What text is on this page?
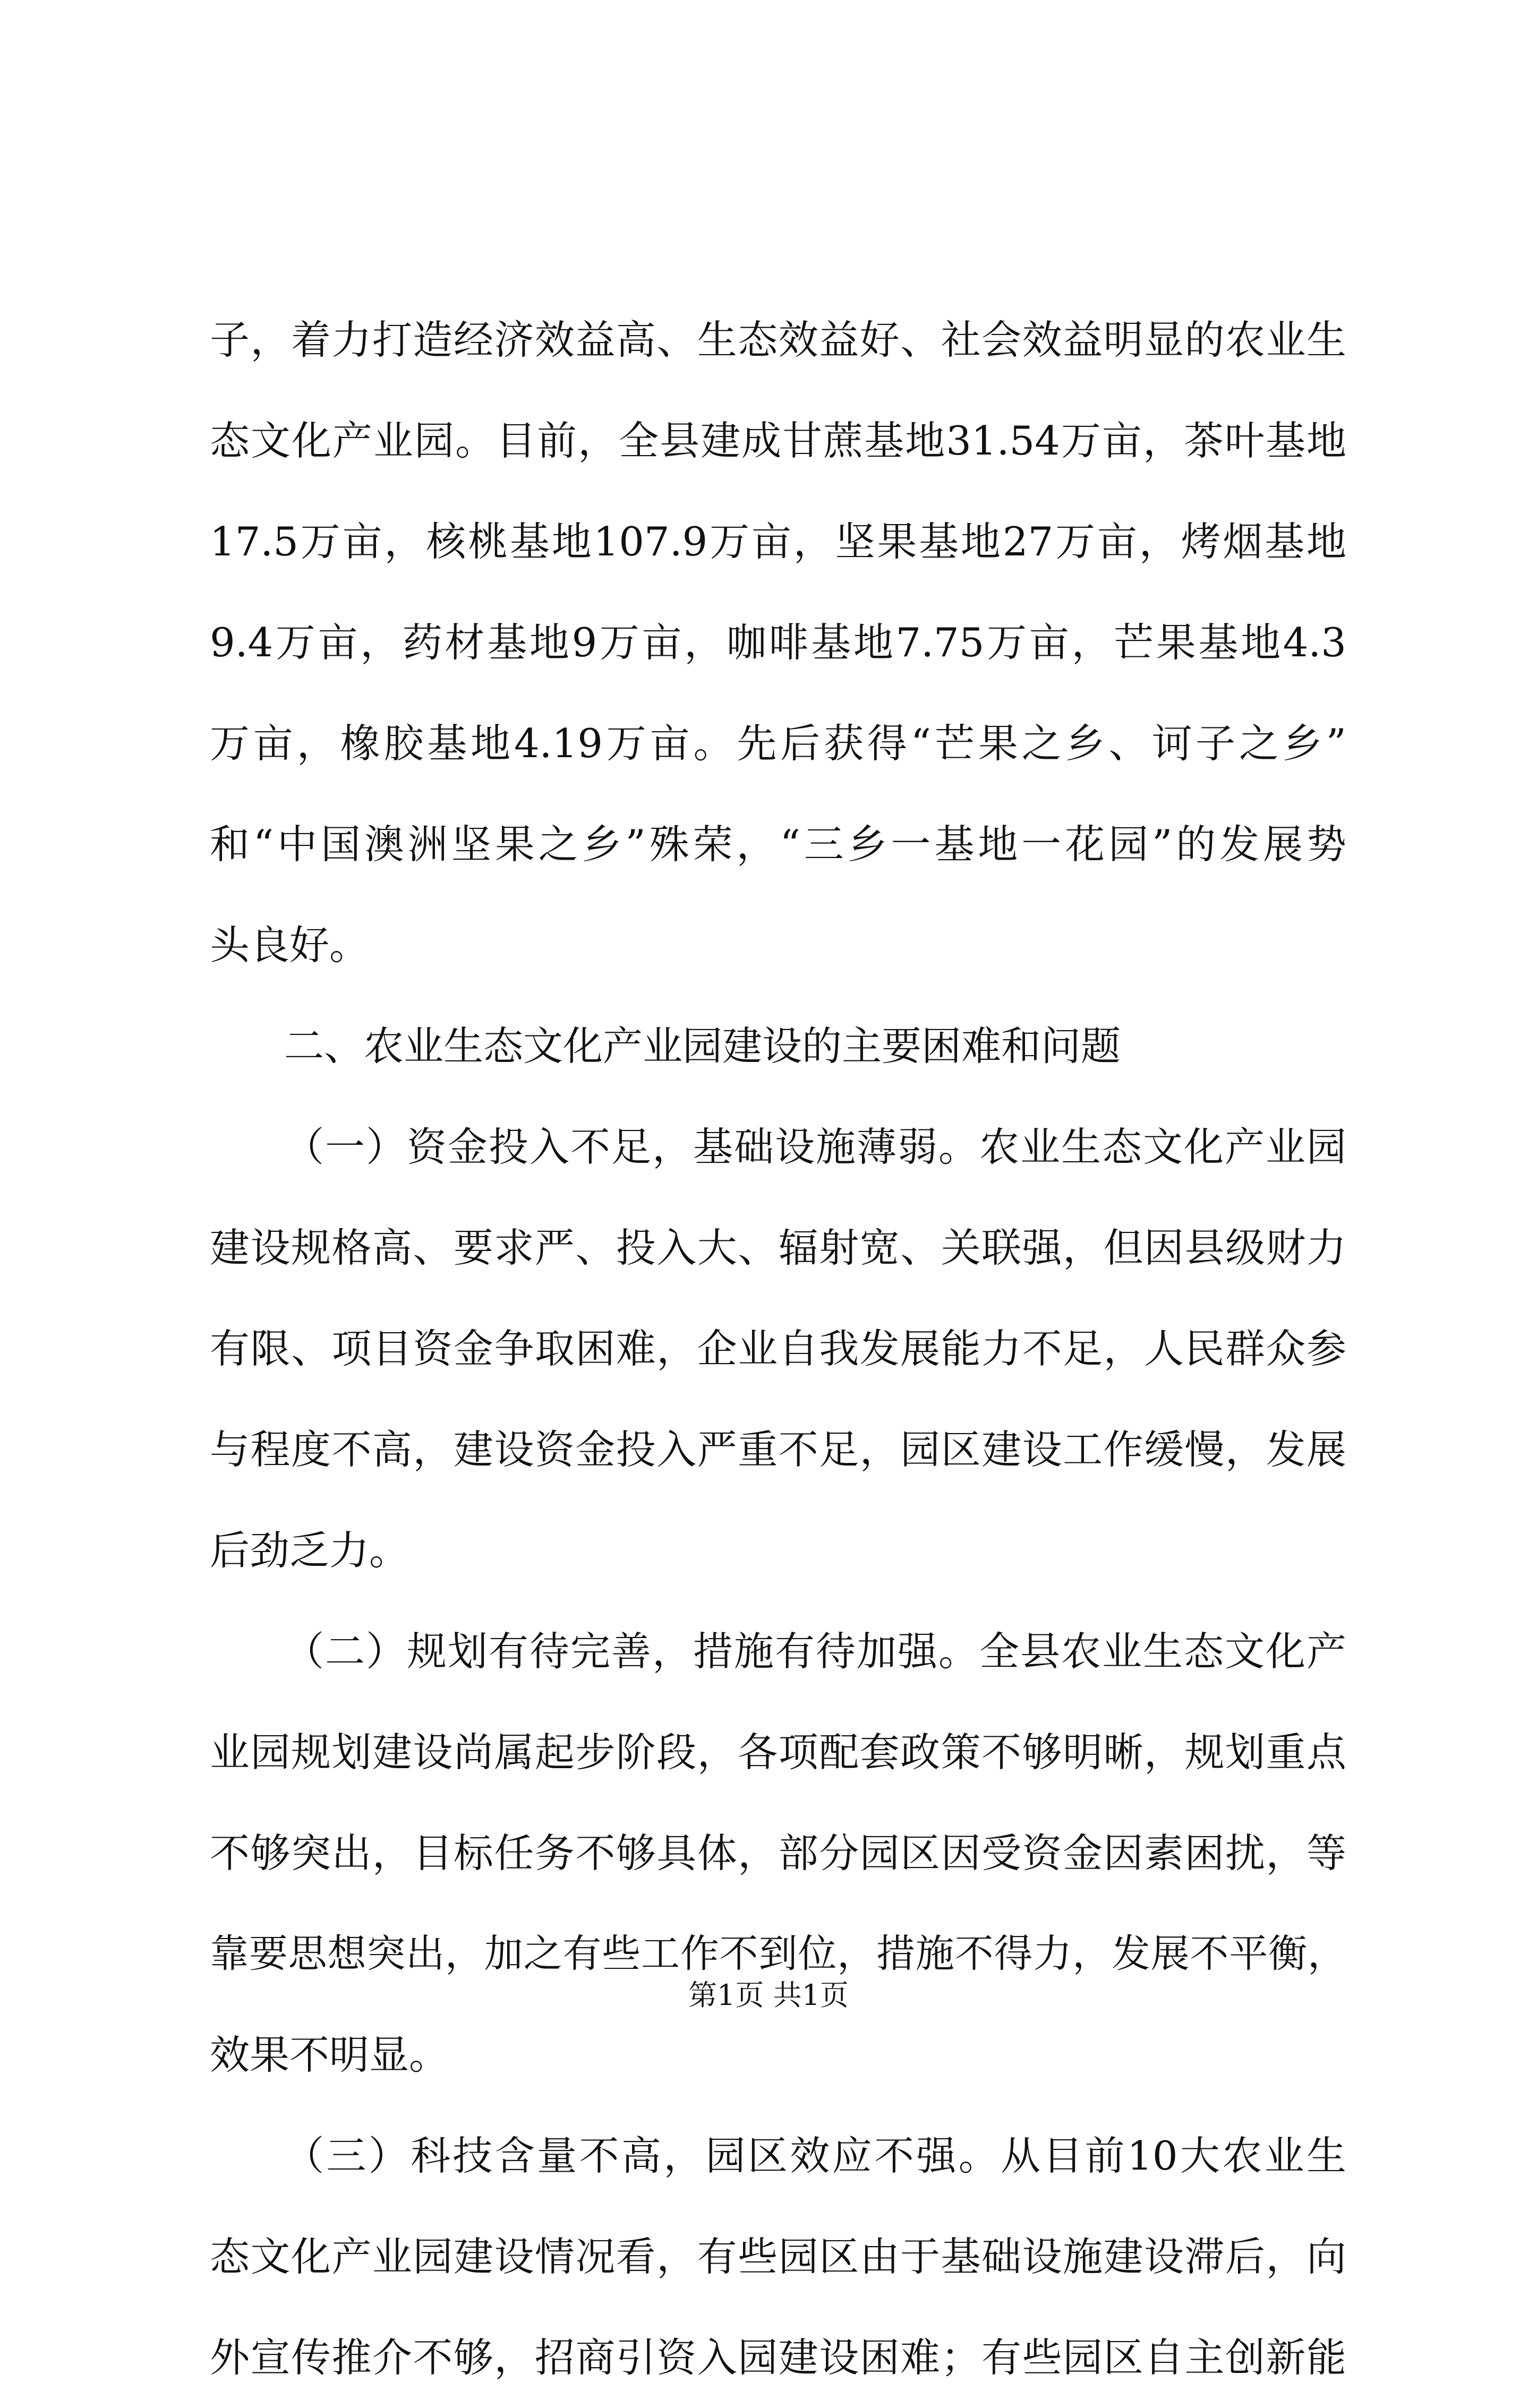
子，着力打造经济效益高、生态效益好、社会效益明显的农业生
态文化产业园。目前，全县建成甘蔗基地31.54万亩，茶叶基地
17.5万亩，核桃基地107.9万亩，坚果基地27万亩，烤烟基地
9.4万亩，药材基地9万亩，咖啡基地7.75万亩，芒果基地4.3
万亩，橡胶基地4.19万亩。先后获得“芒果之乡、诃子之乡”
和“中国澳洲坚果之乡”殊荣，“三乡一基地一花园”的发展势
头良好。
二、农业生态文化产业园建设的主要困难和问题
（一）资金投入不足，基础设施薄弱。农业生态文化产业园
建设规格高、要求严、投入大、辐射宽、关联强，但因县级财力
有限、项目资金争取困难，企业自我发展能力不足，人民群众参
与程度不高，建设资金投入严重不足，园区建设工作缓慢，发展
后劲乏力。
（二）规划有待完善，措施有待加强。全县农业生态文化产
业园规划建设尚属起步阶段，各项配套政策不够明晰，规划重点
不够突出，目标任务不够具体，部分园区因受资金因素困扰，等
靠要思想突出，加之有些工作不到位，措施不得力，发展不平衡，
效果不明显。
（三）科技含量不高，园区效应不强。从目前10大农业生
态文化产业园建设情况看，有些园区由于基础设施建设滞后，向
外宣传推介不够，招商引资入园建设困难；有些园区自主创新能
第1页 共1页
